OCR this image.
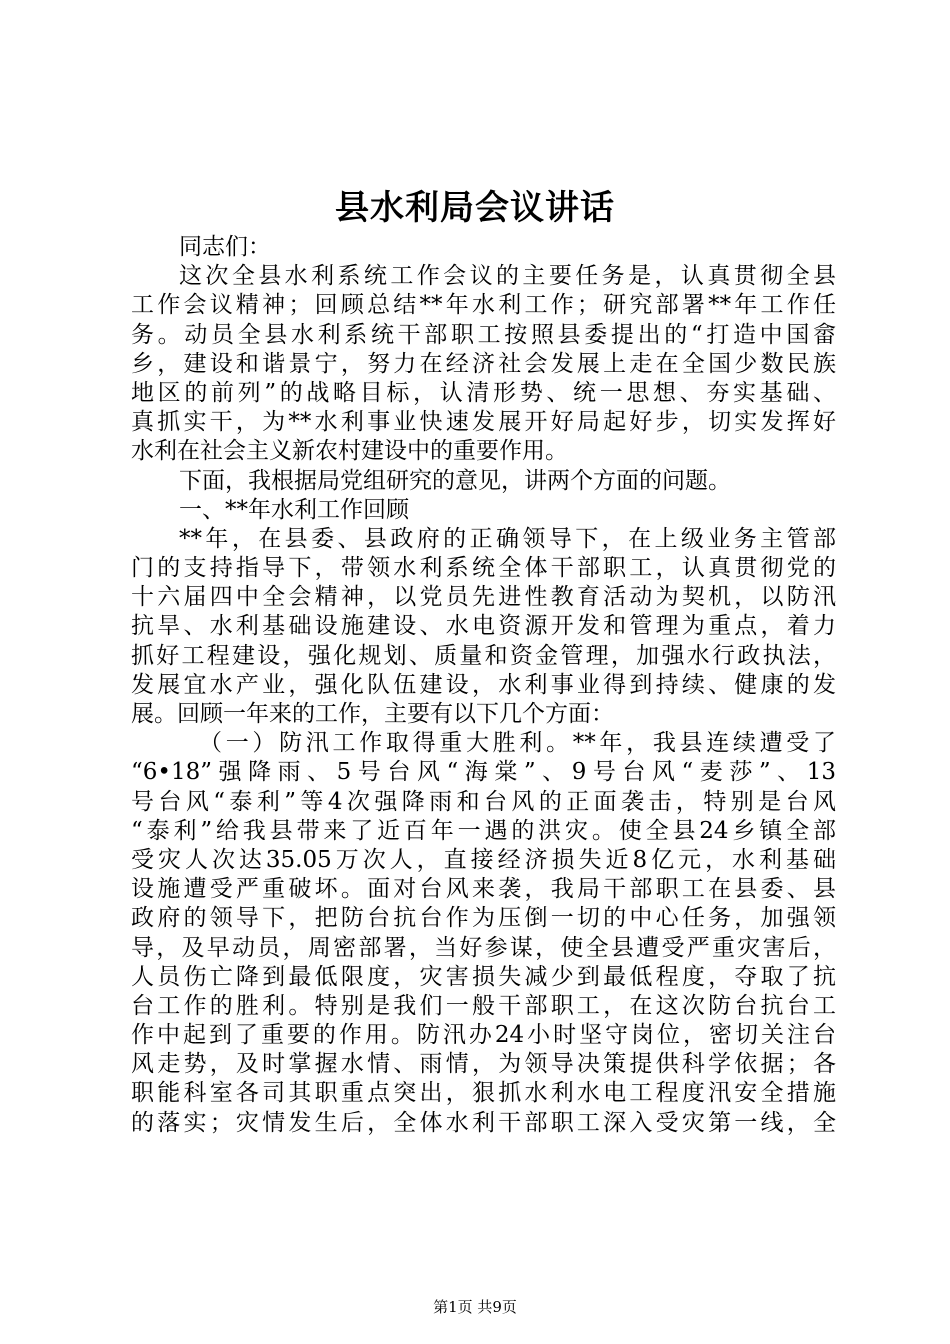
县水利局会议讲话
同志们：
这次全县水利系统工作会议的主要任务是，认真贯彻全县
工作会议精神；回顾总结**年水利工作；研究部署**年工作任
务。动员全县水利系统干部职工按照县委提出的“打造中国畲
乡，建设和谐景宁，努力在经济社会发展上走在全国少数民族
地区的前列”的战略目标，认清形势、统一思想、夯实基础、
真抓实干，为**水利事业快速发展开好局起好步，切实发挥好
水利在社会主义新农村建设中的重要作用。
下面，我根据局党组研究的意见，讲两个方面的问题。
一、**年水利工作回顾
**年，在县委、县政府的正确领导下，在上级业务主管部
门的支持指导下，带领水利系统全体干部职工，认真贯彻党的
十六届四中全会精神，以党员先进性教育活动为契机，以防汛
抗旱、水利基础设施建设、水电资源开发和管理为重点，着力
抓好工程建设，强化规划、质量和资金管理，加强水行政执法，
发展宜水产业，强化队伍建设，水利事业得到持续、健康的发
展。回顾一年来的工作，主要有以下几个方面：
（一）防汛工作取得重大胜利。**年，我县连续遭受了
“6•18”强降雨、5号台风“海棠”、9号台风“麦莎”、13
号台风“泰利”等4次强降雨和台风的正面袭击，特别是台风
“泰利”给我县带来了近百年一遇的洪灾。使全县24乡镇全部
受灾人次达35.05万次人，直接经济损失近8亿元，水利基础
设施遭受严重破坏。面对台风来袭，我局干部职工在县委、县
政府的领导下，把防台抗台作为压倒一切的中心任务，加强领
导，及早动员，周密部署，当好参谋，使全县遭受严重灾害后，
人员伤亡降到最低限度，灾害损失减少到最低程度，夺取了抗
台工作的胜利。特别是我们一般干部职工，在这次防台抗台工
作中起到了重要的作用。防汛办24小时坚守岗位，密切关注台
风走势，及时掌握水情、雨情，为领导决策提供科学依据；各
职能科室各司其职重点突出，狠抓水利水电工程度汛安全措施
的落实；灾情发生后，全体水利干部职工深入受灾第一线，全
第1页 共9页
